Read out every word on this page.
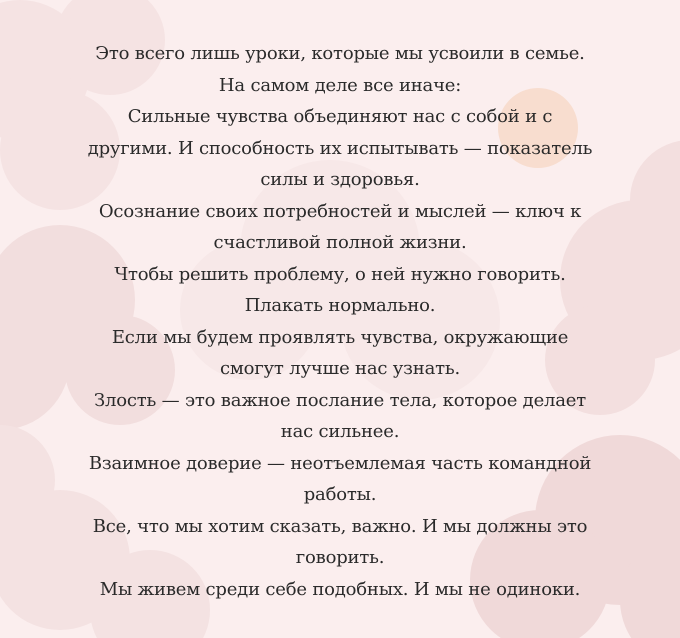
Это всего лишь уроки, которые мы усвоили в семье.
На самом деле все иначе:
Сильные чувства объединяют нас с собой и с
другими. И способность их испытывать — показатель
силы и здоровья.
Осознание своих потребностей и мыслей — ключ к
счастливой полной жизни.
Чтобы решить проблему, о ней нужно говорить.
Плакать нормально.
Если мы будем проявлять чувства, окружающие
смогут лучше нас узнать.
Злость — это важное послание тела, которое делает
нас сильнее.
Взаимное доверие — неотъемлемая часть командной
работы.
Все, что мы хотим сказать, важно. И мы должны это
говорить.
Мы живем среди себе подобных. И мы не одиноки.
